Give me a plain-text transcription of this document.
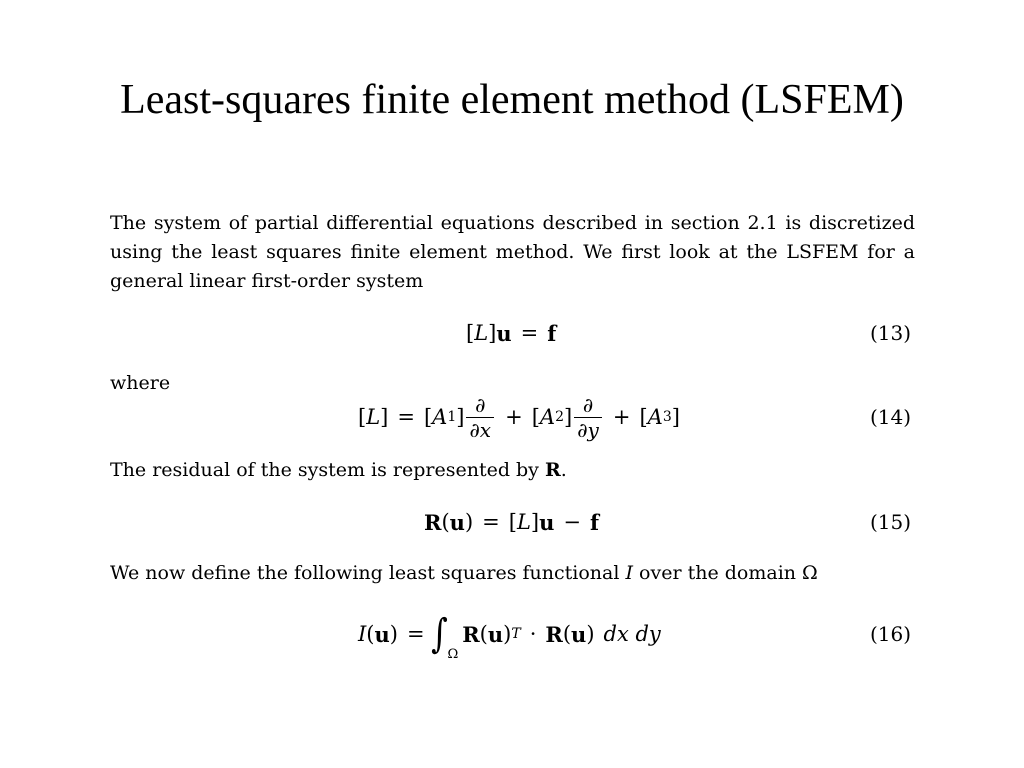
Least-squares finite element method (LSFEM)
The system of partial differential equations described in section 2.1 is discretized using the least squares finite element method. We first look at the LSFEM for a general linear first-order system
[ L ] u = f	(13)
where
[ L ] = [ A 1 ] $\frac{\partial}{\partial x}$ + [ A 2 ] $\frac{\partial}{\partial y}$ + [ A 3 ]	(14)
The residual of the system is represented by R.
R ( u ) = [ L ] u − f	(15)
We now define the following least squares functional I over the domain Ω
I ( u ) = ∫ Ω
R ( u ) T · R ( u ) dx dy	(16)
